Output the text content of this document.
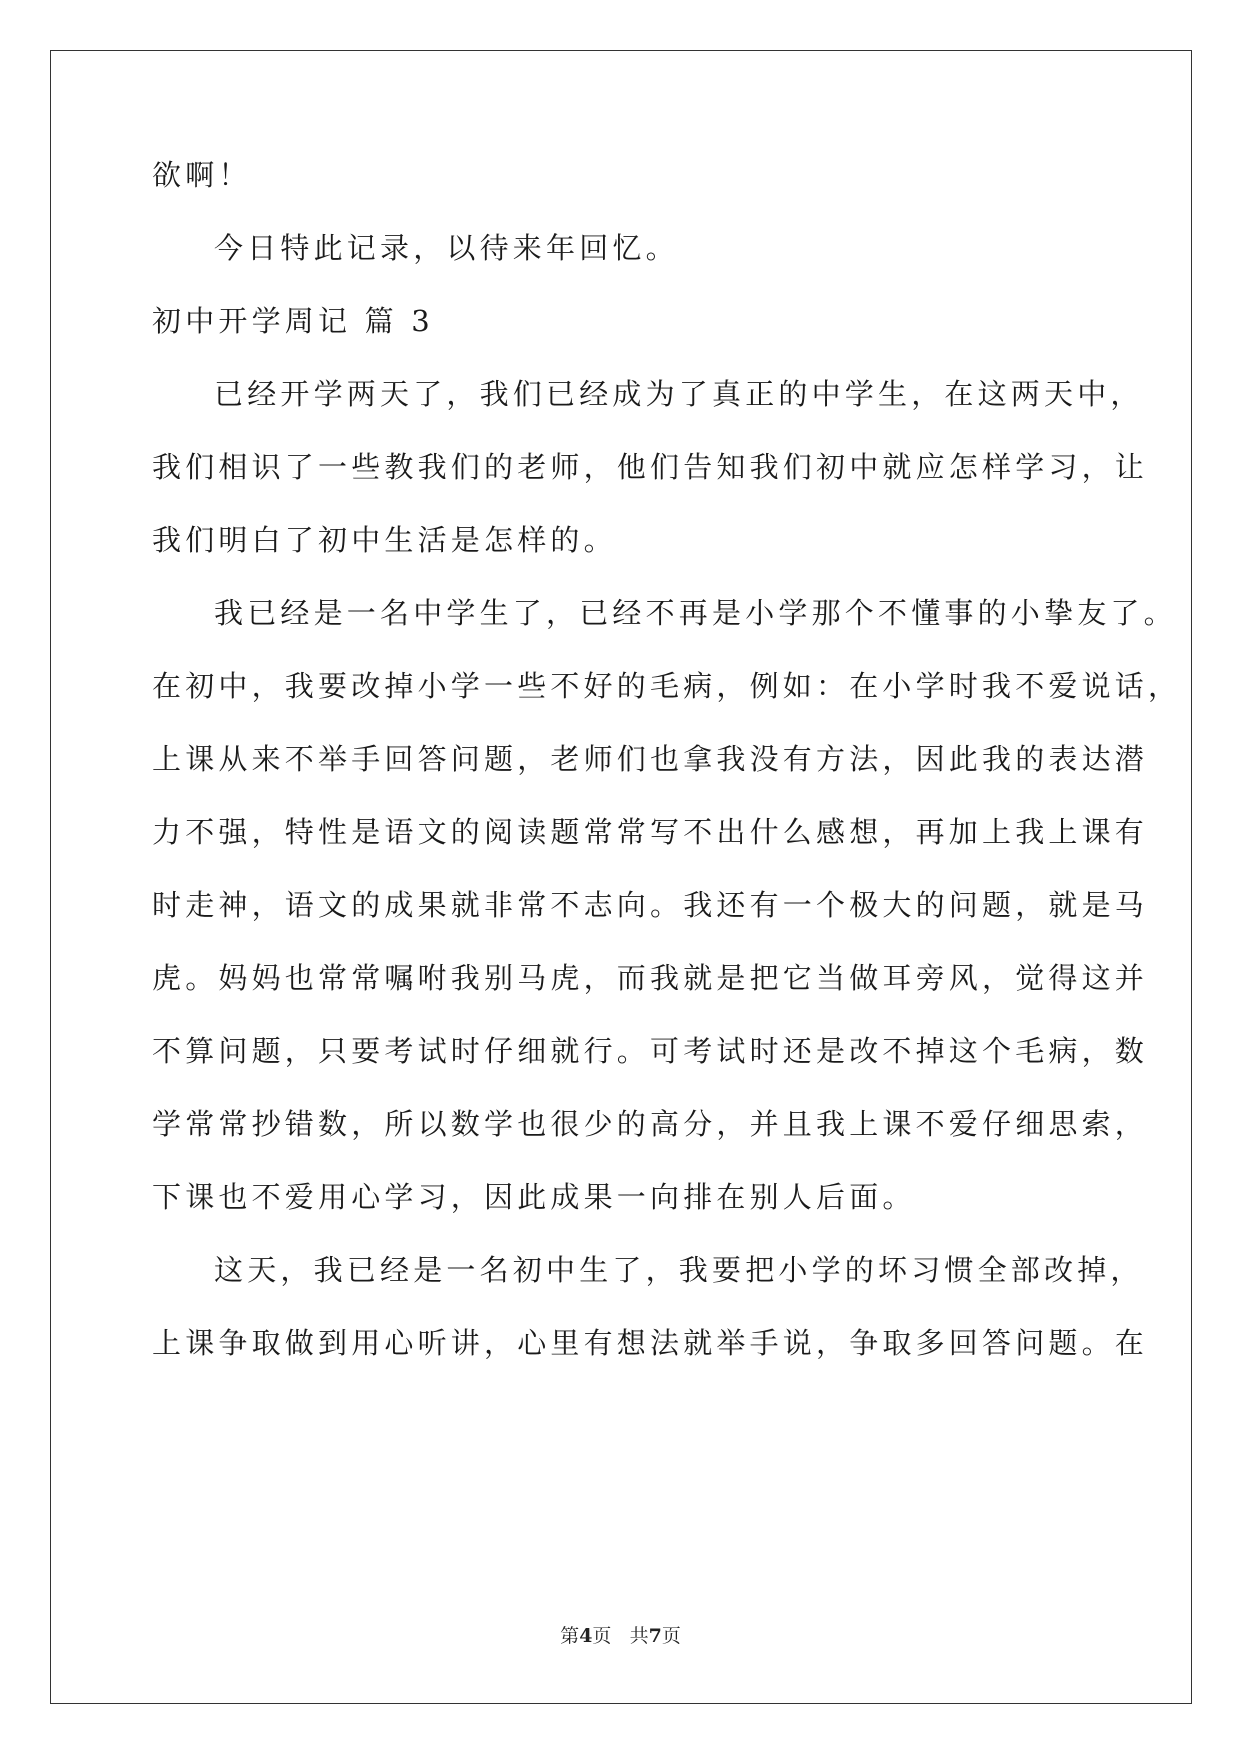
欲啊！
今日特此记录，以待来年回忆。
初中开学周记 篇 3
已经开学两天了，我们已经成为了真正的中学生，在这两天中，
我们相识了一些教我们的老师，他们告知我们初中就应怎样学习，让
我们明白了初中生活是怎样的。
我已经是一名中学生了，已经不再是小学那个不懂事的小挚友了。
在初中，我要改掉小学一些不好的毛病，例如：在小学时我不爱说话，
上课从来不举手回答问题，老师们也拿我没有方法，因此我的表达潜
力不强，特性是语文的阅读题常常写不出什么感想，再加上我上课有
时走神，语文的成果就非常不志向。我还有一个极大的问题，就是马
虎。妈妈也常常嘱咐我别马虎，而我就是把它当做耳旁风，觉得这并
不算问题，只要考试时仔细就行。可考试时还是改不掉这个毛病，数
学常常抄错数，所以数学也很少的高分，并且我上课不爱仔细思索，
下课也不爱用心学习，因此成果一向排在别人后面。
这天，我已经是一名初中生了，我要把小学的坏习惯全部改掉，
上课争取做到用心听讲，心里有想法就举手说，争取多回答问题。在
第4页 共7页
